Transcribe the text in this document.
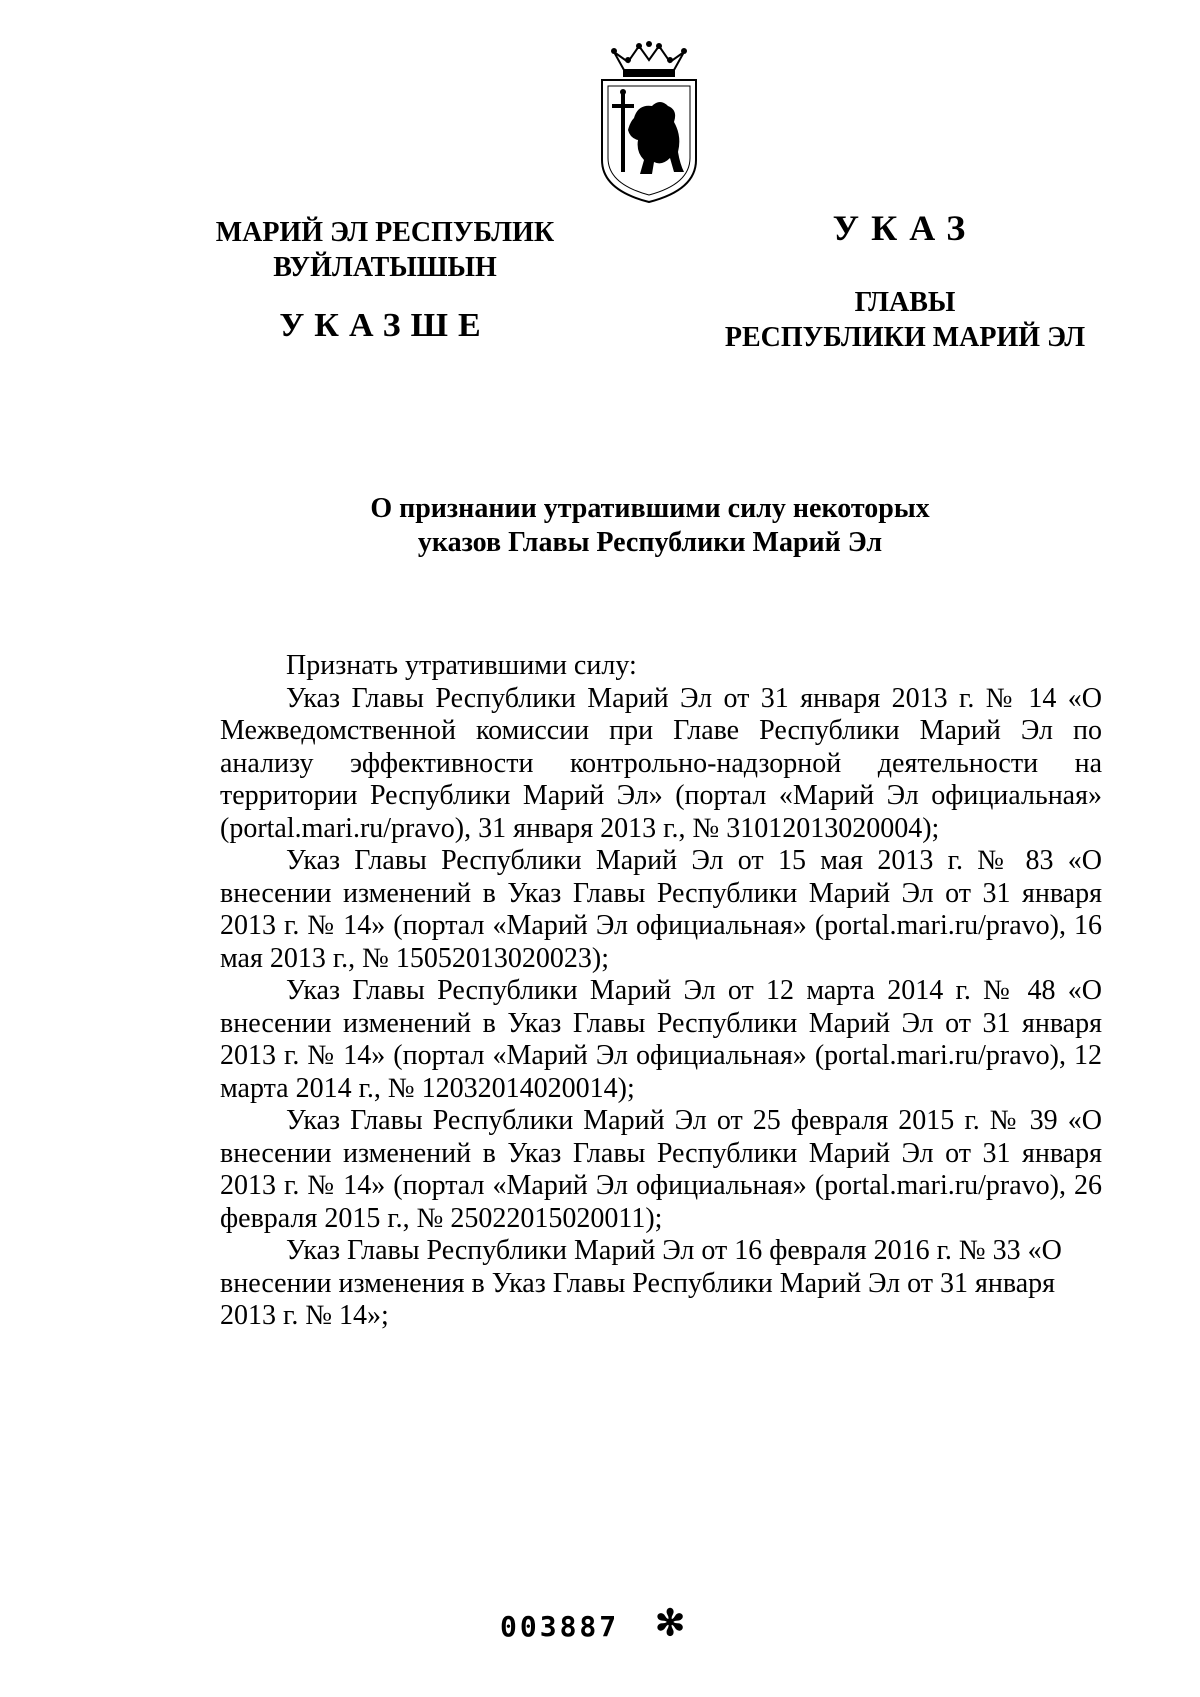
МАРИЙ ЭЛ РЕСПУБЛИК
ВУЙЛАТЫШЫН
УКАЗШЕ
УКАЗ
ГЛАВЫ
РЕСПУБЛИКИ МАРИЙ ЭЛ
О признании утратившими силу некоторых
указов Главы Республики Марий Эл

Признать утратившими силу:

Указ Главы Республики Марий Эл от 31 января 2013 г. № 14 «О Межведомственной комиссии при Главе Республики Марий Эл по анализу эффективности контрольно-надзорной деятельности на территории Республики Марий Эл» (портал «Марий Эл официальная» (portal.mari.ru/pravo), 31 января 2013 г., № 31012013020004);

Указ Главы Республики Марий Эл от 15 мая 2013 г. № 83 «О внесении изменений в Указ Главы Республики Марий Эл от 31 января 2013 г. № 14» (портал «Марий Эл официальная» (portal.mari.ru/pravo), 16 мая 2013 г., № 15052013020023);

Указ Главы Республики Марий Эл от 12 марта 2014 г. № 48 «О внесении изменений в Указ Главы Республики Марий Эл от 31 января 2013 г. № 14» (портал «Марий Эл официальная» (portal.mari.ru/pravo), 12 марта 2014 г., № 12032014020014);

Указ Главы Республики Марий Эл от 25 февраля 2015 г. № 39 «О внесении изменений в Указ Главы Республики Марий Эл от 31 января 2013 г. № 14» (портал «Марий Эл официальная» (portal.mari.ru/pravo), 26 февраля 2015 г., № 25022015020011);

Указ Главы Республики Марий Эл от 16 февраля 2016 г. № 33 «О внесении изменения в Указ Главы Республики Марий Эл от 31 января 2013 г. № 14»;

003887 ✻
